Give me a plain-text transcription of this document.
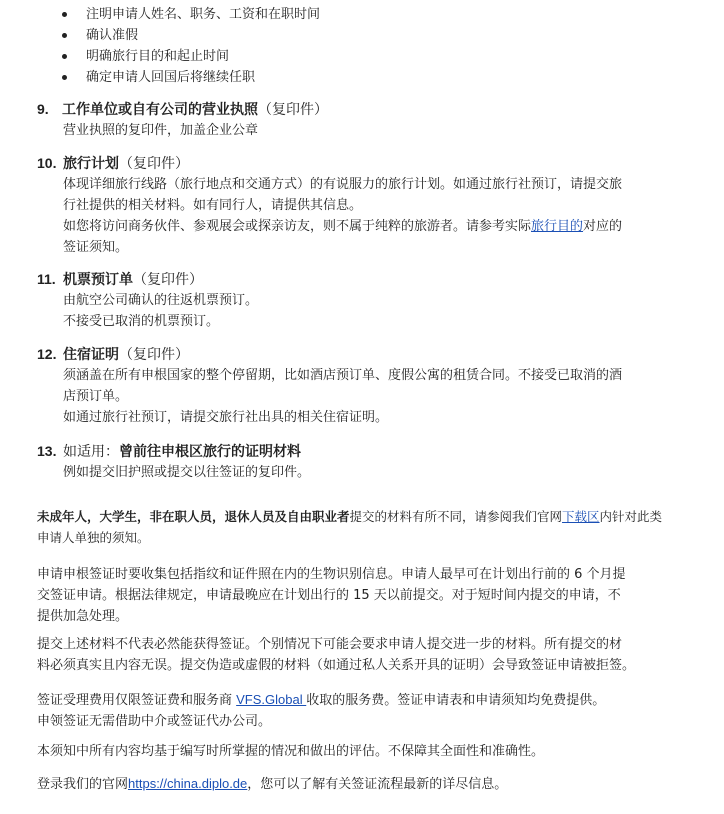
注明申请人姓名、职务、工资和在职时间
确认准假
明确旅行目的和起止时间
确定申请人回国后将继续任职
9. 工作单位或自有公司的营业执照（复印件）

营业执照的复印件，加盖企业公章

10. 旅行计划（复印件）

体现详细旅行线路（旅行地点和交通方式）的有说服力的旅行计划。如通过旅行社预订，请提交旅

行社提供的相关材料。如有同行人，请提供其信息。

如您将访问商务伙伴、参观展会或探亲访友，则不属于纯粹的旅游者。请参考实际旅行目的对应的

签证须知。

11. 机票预订单（复印件）

由航空公司确认的往返机票预订。

不接受已取消的机票预订。

12. 住宿证明（复印件）

须涵盖在所有申根国家的整个停留期，比如酒店预订单、度假公寓的租赁合同。不接受已取消的酒

店预订单。

如通过旅行社预订，请提交旅行社出具的相关住宿证明。

13. 如适用：曾前往申根区旅行的证明材料

例如提交旧护照或提交以往签证的复印件。

未成年人，大学生，非在职人员，退休人员及自由职业者提交的材料有所不同，请参阅我们官网下载区内针对此类

申请人单独的须知。

申请申根签证时要收集包括指纹和证件照在内的生物识别信息。申请人最早可在计划出行前的 6 个月提

交签证申请。根据法律规定，申请最晚应在计划出行的 15 天以前提交。对于短时间内提交的申请，不

提供加急处理。

提交上述材料不代表必然能获得签证。个别情况下可能会要求申请人提交进一步的材料。所有提交的材

料必须真实且内容无误。提交伪造或虚假的材料（如通过私人关系开具的证明）会导致签证申请被拒签。

签证受理费用仅限签证费和服务商 VFS.Global 收取的服务费。签证申请表和申请须知均免费提供。

申领签证无需借助中介或签证代办公司。

本须知中所有内容均基于编写时所掌握的情况和做出的评估。不保障其全面性和准确性。

登录我们的官网https://china.diplo.de，您可以了解有关签证流程最新的详尽信息。
